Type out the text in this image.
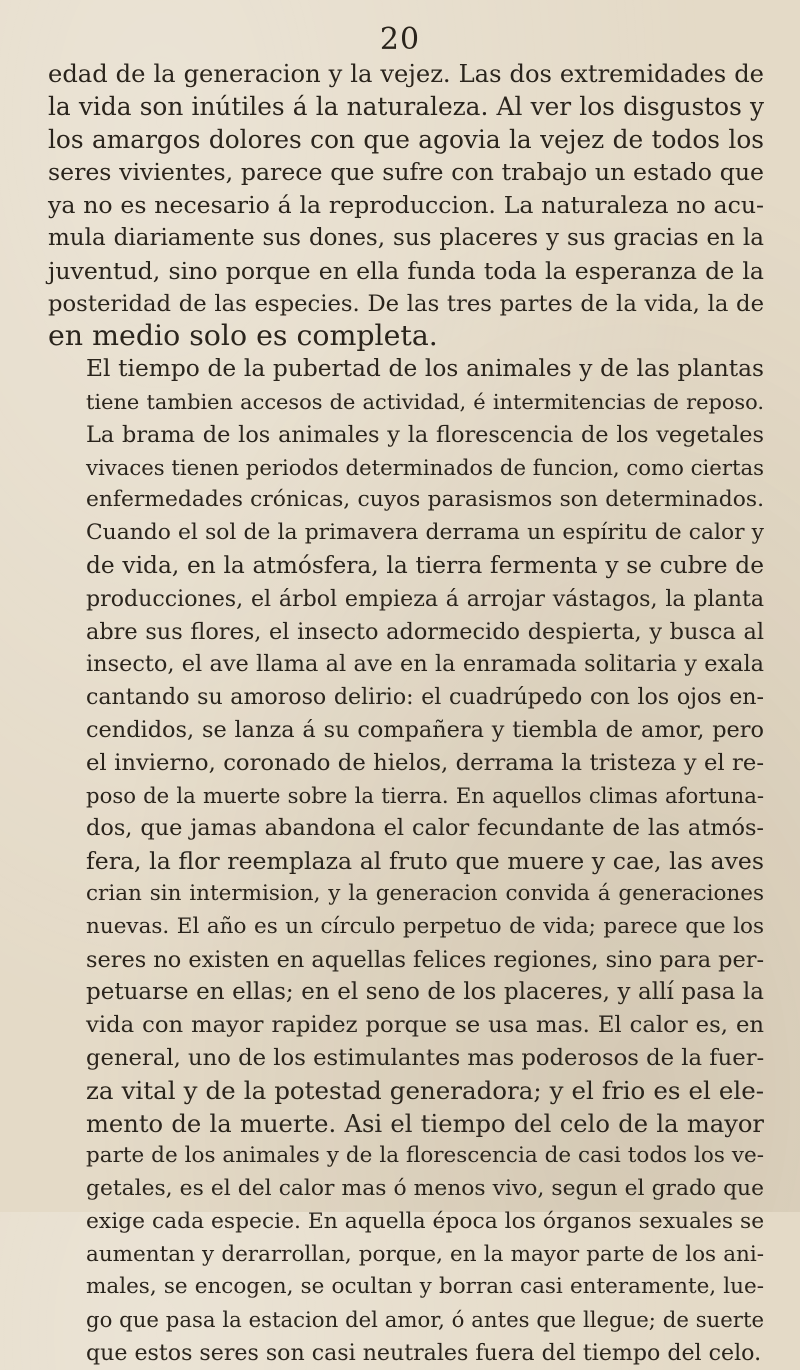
20

edad de la generacion y la vejez. Las dos extremidades de
la vida son inútiles á la naturaleza. Al ver los disgustos y
los amargos dolores con que agovia la vejez de todos los
seres vivientes, parece que sufre con trabajo un estado que
ya no es necesario á la reproduccion. La naturaleza no acu-
mula diariamente sus dones, sus placeres y sus gracias en la
juventud, sino porque en ella funda toda la esperanza de la
posteridad de las especies. De las tres partes de la vida, la de
en medio solo es completa.

El tiempo de la pubertad de los animales y de las plantas
tiene tambien accesos de actividad, é intermitencias de reposo.
La brama de los animales y la florescencia de los vegetales
vivaces tienen periodos determinados de funcion, como ciertas
enfermedades crónicas, cuyos parasismos son determinados.
Cuando el sol de la primavera derrama un espíritu de calor y
de vida, en la atmósfera, la tierra fermenta y se cubre de
producciones, el árbol empieza á arrojar vástagos, la planta
abre sus flores, el insecto adormecido despierta, y busca al
insecto, el ave llama al ave en la enramada solitaria y exala
cantando su amoroso delirio: el cuadrúpedo con los ojos en-
cendidos, se lanza á su compañera y tiembla de amor, pero
el invierno, coronado de hielos, derrama la tristeza y el re-
poso de la muerte sobre la tierra. En aquellos climas afortuna-
dos, que jamas abandona el calor fecundante de las atmós-
fera, la flor reemplaza al fruto que muere y cae, las aves
crian sin intermision, y la generacion convida á generaciones
nuevas. El año es un círculo perpetuo de vida; parece que los
seres no existen en aquellas felices regiones, sino para per-
petuarse en ellas; en el seno de los placeres, y allí pasa la
vida con mayor rapidez porque se usa mas. El calor es, en
general, uno de los estimulantes mas poderosos de la fuer-
za vital y de la potestad generadora; y el frio es el ele-
mento de la muerte. Asi el tiempo del celo de la mayor
parte de los animales y de la florescencia de casi todos los ve-
getales, es el del calor mas ó menos vivo, segun el grado que
exige cada especie. En aquella época los órganos sexuales se
aumentan y derarrollan, porque, en la mayor parte de los ani-
males, se encogen, se ocultan y borran casi enteramente, lue-
go que pasa la estacion del amor, ó antes que llegue; de suerte
que estos seres son casi neutrales fuera del tiempo del celo.
